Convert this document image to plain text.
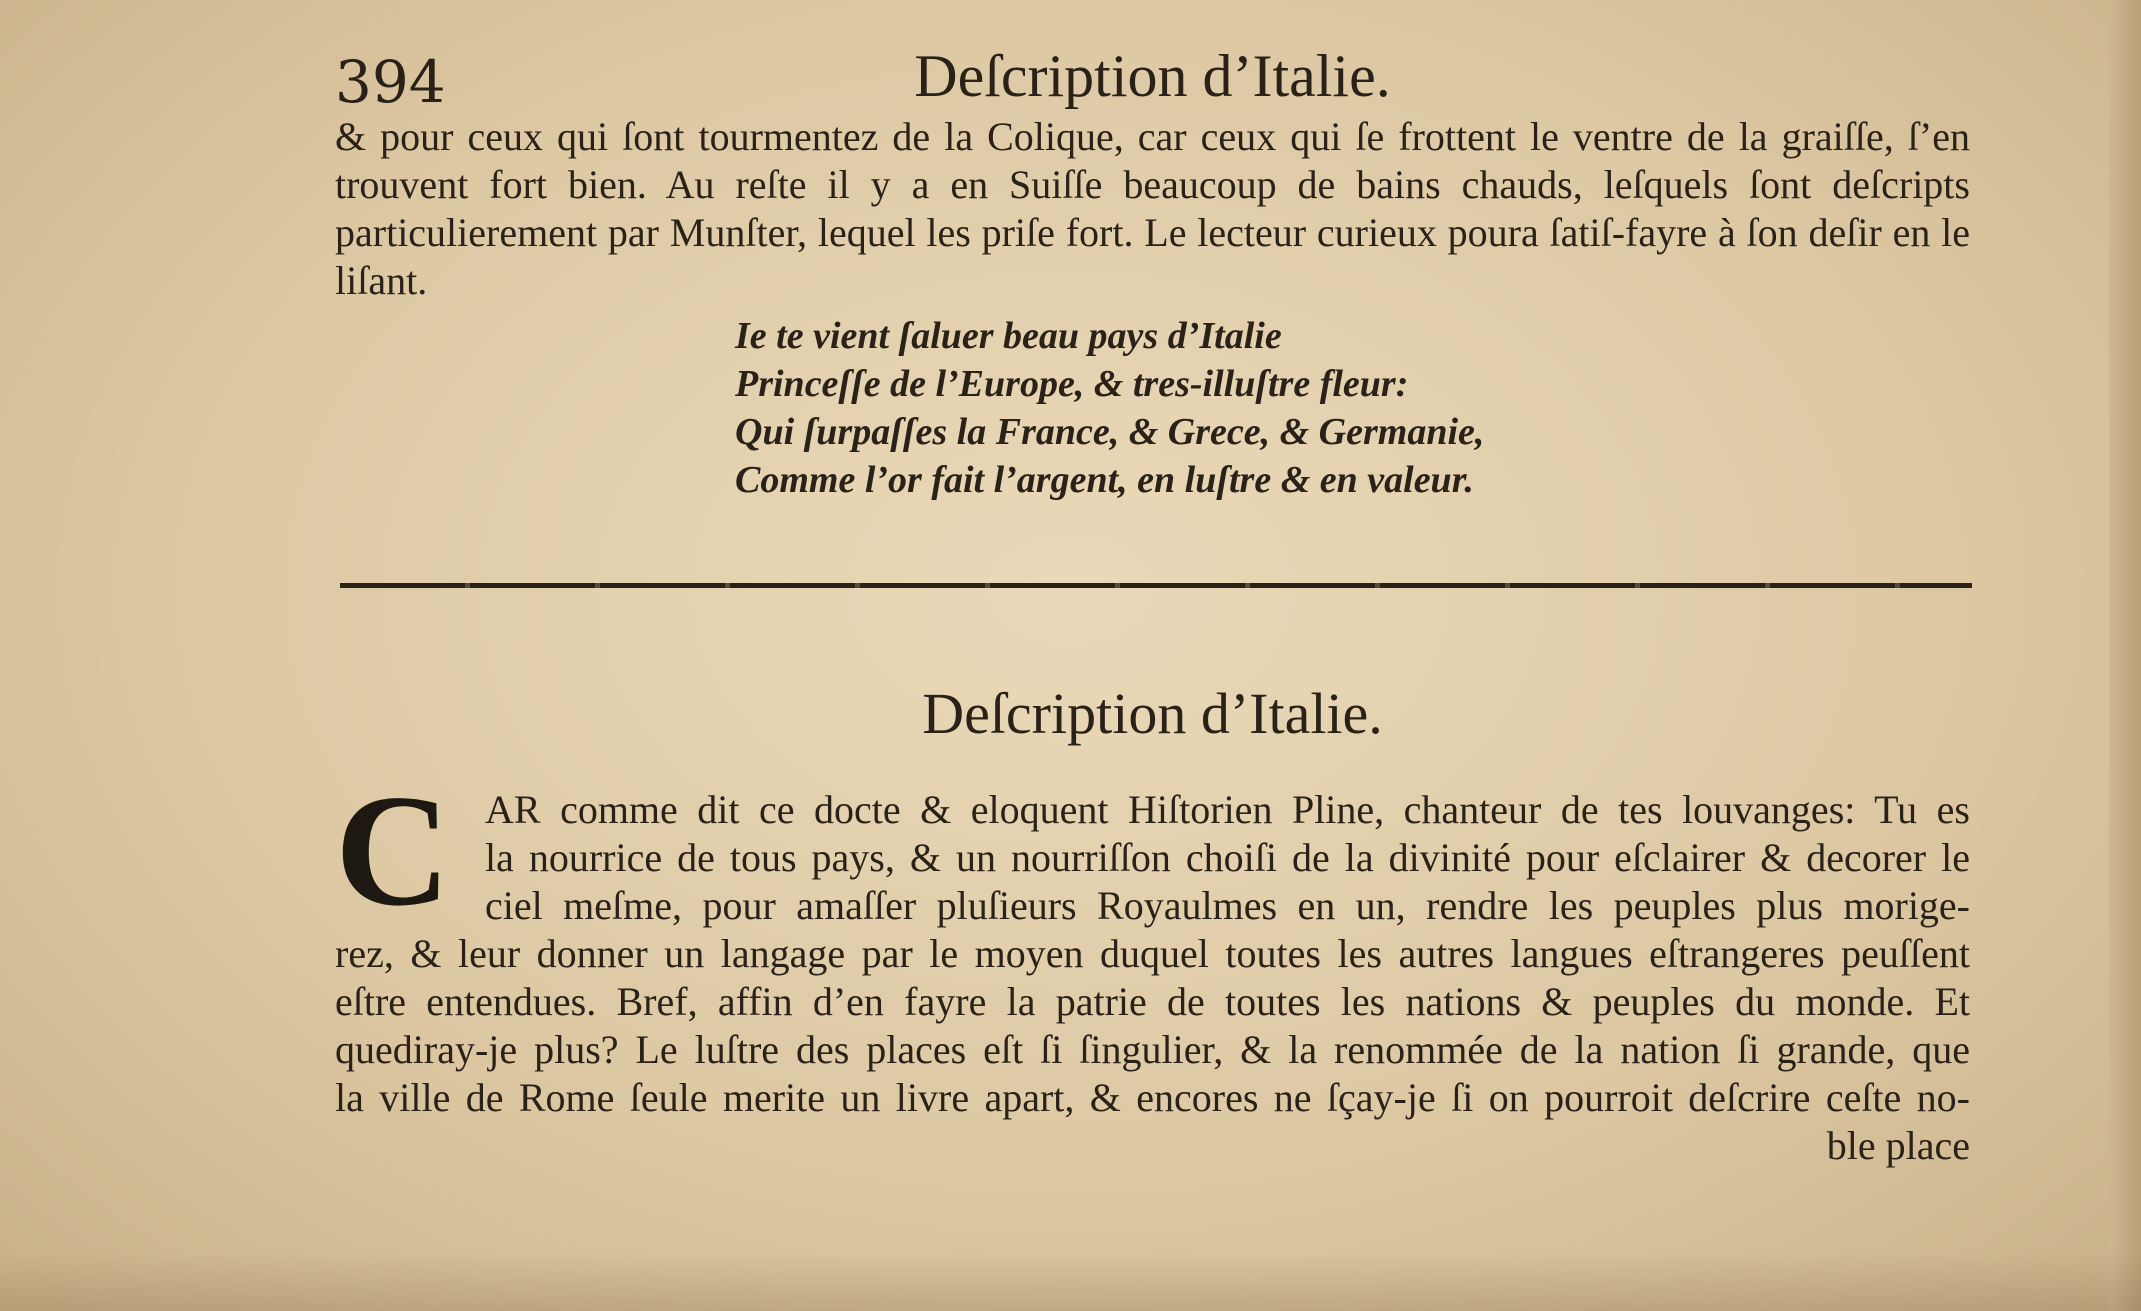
394	Deſcription d’Italie.

& pour ceux qui ſont tourmentez de la Colique, car ceux qui ſe frottent le ventre de la graiſſe, ſ’en trouvent fort bien. Au reſte il y a en Suiſſe beaucoup de bains chauds, leſquels ſont deſcripts particulierement par Munſter, lequel les priſe fort. Le lecteur curieux poura ſatiſ-fayre à ſon deſir en le liſant.

Ie te vient ſaluer beau pays d’Italie
Princeſſe de l’Europe, & tres-illuſtre fleur:
Qui ſurpaſſes la France, & Grece, & Germanie,
Comme l’or fait l’argent, en luſtre & en valeur.
Deſcription d’Italie.
C AR comme dit ce docte & eloquent Hiſtorien Pline, chanteur de tes louvanges: Tu es
la nourrice de tous pays, & un nourriſſon choiſi de la divinité pour eſclairer & decorer le
ciel meſme, pour amaſſer pluſieurs Royaulmes en un, rendre les peuples plus morige-
rez, & leur donner un langage par le moyen duquel toutes les autres langues eſtrangeres peuſſent
eſtre entendues. Bref, affin d’en fayre la patrie de toutes les nations & peuples du monde. Et
quediray-je plus? Le luſtre des places eſt ſi ſingulier, & la renommée de la nation ſi grande, que
la ville de Rome ſeule merite un livre apart, & encores ne ſçay-je ſi on pourroit deſcrire ceſte no-
ble place
